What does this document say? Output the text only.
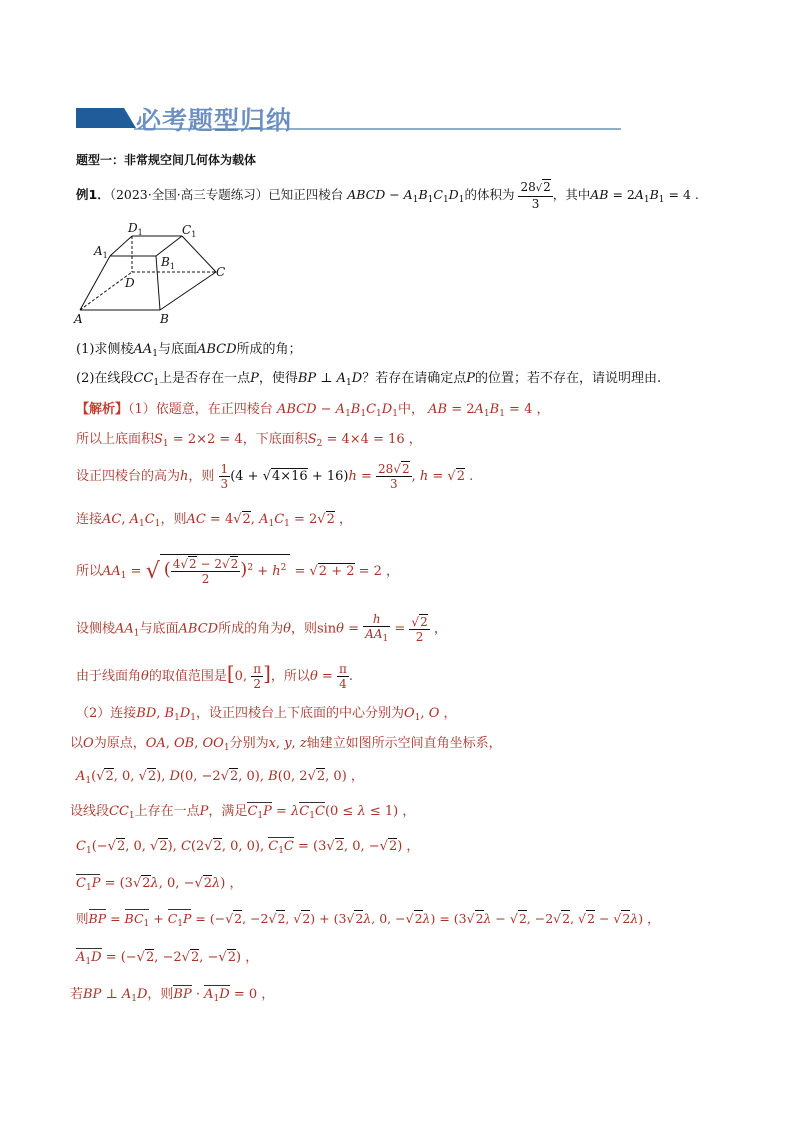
必考题型归纳
题型一：非常规空间几何体为载体
例1．（2023·全国·高三专题练习）已知正四棱台 ABCD − $A_1B_1C_1D_1$的体积为 $\frac{28√2}{3}$ ，其中AB = $2A_1B_1 = 4$ .
A	B
C
D
$A_1$	$B_1$
$C_1$
$D_1$
(1)求侧棱$AA_1$与底面ABCD所成的角；
(2)在线段$CC_1$上是否存在一点P，使得BP ⊥ $A_1D$？若存在请确定点P的位置；若不存在，请说明理由.
【解析】（1）依题意，在正四棱台 ABCD − $A_1B_1C_1D_1$中， AB = $2A_1B_1 = 4$ ，
所以上底面积$S_1 = 2\times 2 = 4$，下底面积$S_2 = 4\times 4 = 16$ ，
设正四棱台的高为h，则 $\frac{1}{3} (4 + √4\times 16 + 16)h = \frac{28√2}{3}$ , h = √2 .
连接AC, $A_1C_1$，则AC = 4√2, $A_1C_1 = 2√2$ ，
所以$AA_1$ = √ ( $\frac{4√2 - 2√2}{2} )^2 + h^2 = √2 + 2 = 2$ ，
设侧棱$AA_1$与底面ABCD所成的角为θ，则$\sin\theta = \frac{h}{AA_1} = \frac{√2}{2}$ ，
由于线面角θ的取值范围是[0, $\frac{\pi}{2}$ ]，所以$\theta = \frac{\pi}{4}$ .
（2）连接BD, $B_1D_1$，设正四棱台上下底面的中心分别为$O_1$, O ，
以O为原点，OA, OB, $OO_1$分别为x, y, z轴建立如图所示空间直角坐标系，
$A_1(√2$, 0, √2), D(0, −2√2, 0), B(0, 2√2, 0) ，
设线段$CC_1$上存在一点P，满足$C_1P = \lambda C_1C(0 \le \lambda \le 1)$ ，
$C_1(-√2$, 0, √2), C(2√2, 0, 0), $C_1C = (3√2$, 0, −√2) ，
$C_1P = (3√2\lambda$, 0, −√2λ) ，
则BP = $BC_1 + C_1P = (-√2$, −2√2, √2) + (3√2λ, 0, −√2λ) = (3√2λ − √2, −2√2, √2 − √2λ) ，
$A_1D = (-√2$, −2√2, −√2) ，
若BP ⊥ $A_1D$，则BP · $A_1D = 0$ ，
